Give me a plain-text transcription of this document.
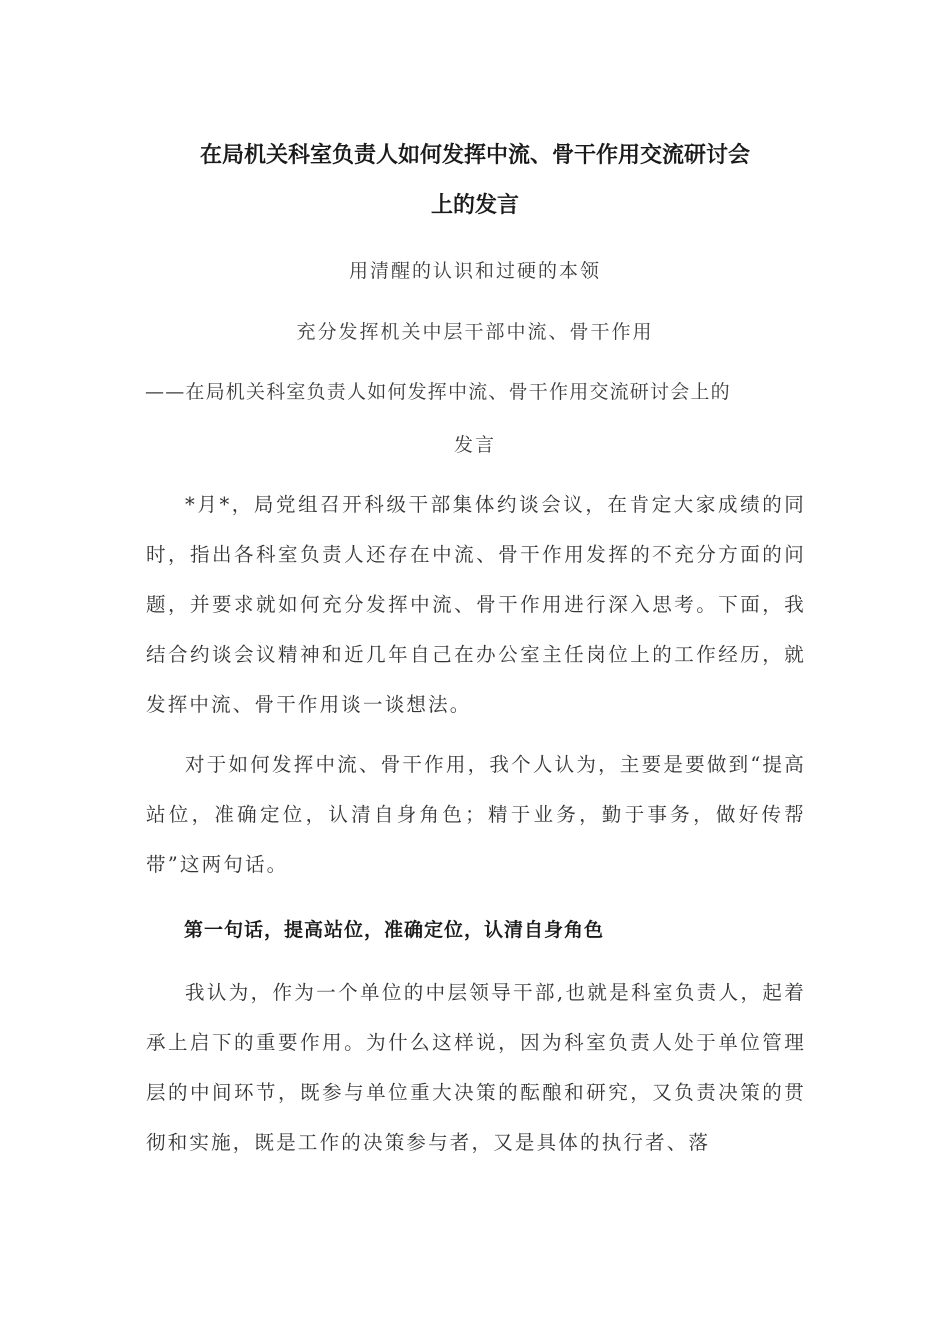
在局机关科室负责人如何发挥中流、骨干作用交流研讨会
上的发言

用清醒的认识和过硬的本领

充分发挥机关中层干部中流、骨干作用

——在局机关科室负责人如何发挥中流、骨干作用交流研讨会上的

发言

*月*，局党组召开科级干部集体约谈会议，在肯定大家成绩的同时，指出各科室负责人还存在中流、骨干作用发挥的不充分方面的问题，并要求就如何充分发挥中流、骨干作用进行深入思考。下面，我结合约谈会议精神和近几年自己在办公室主任岗位上的工作经历，就发挥中流、骨干作用谈一谈想法。

对于如何发挥中流、骨干作用，我个人认为，主要是要做到“提高站位，准确定位，认清自身角色；精于业务，勤于事务，做好传帮带”这两句话。

第一句话，提高站位，准确定位，认清自身角色

我认为，作为一个单位的中层领导干部,也就是科室负责人，起着承上启下的重要作用。为什么这样说，因为科室负责人处于单位管理层的中间环节，既参与单位重大决策的酝酿和研究，又负责决策的贯彻和实施，既是工作的决策参与者，又是具体的执行者、落
